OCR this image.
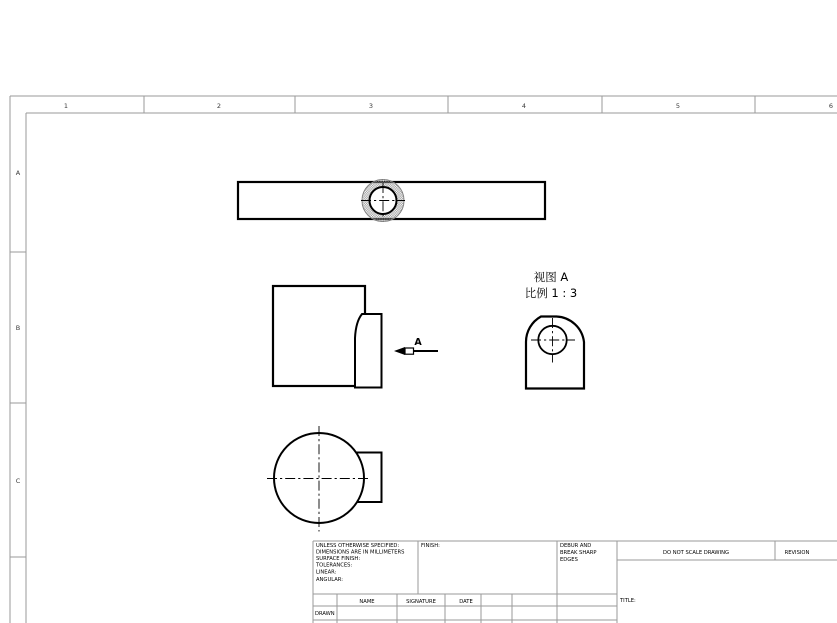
1	2	3	4	5	6
A
B
C
A
视图 A
比例 1 : 3
UNLESS OTHERWISE SPECIFIED:
DIMENSIONS ARE IN MILLIMETERS
SURFACE FINISH:
TOLERANCES:
LINEAR:
ANGULAR:
FINISH:	DEBUR AND
BREAK SHARP
EDGES
DO NOT SCALE DRAWING	REVISION
NAME	SIGNATURE	DATE
DRAWN
TITLE:
